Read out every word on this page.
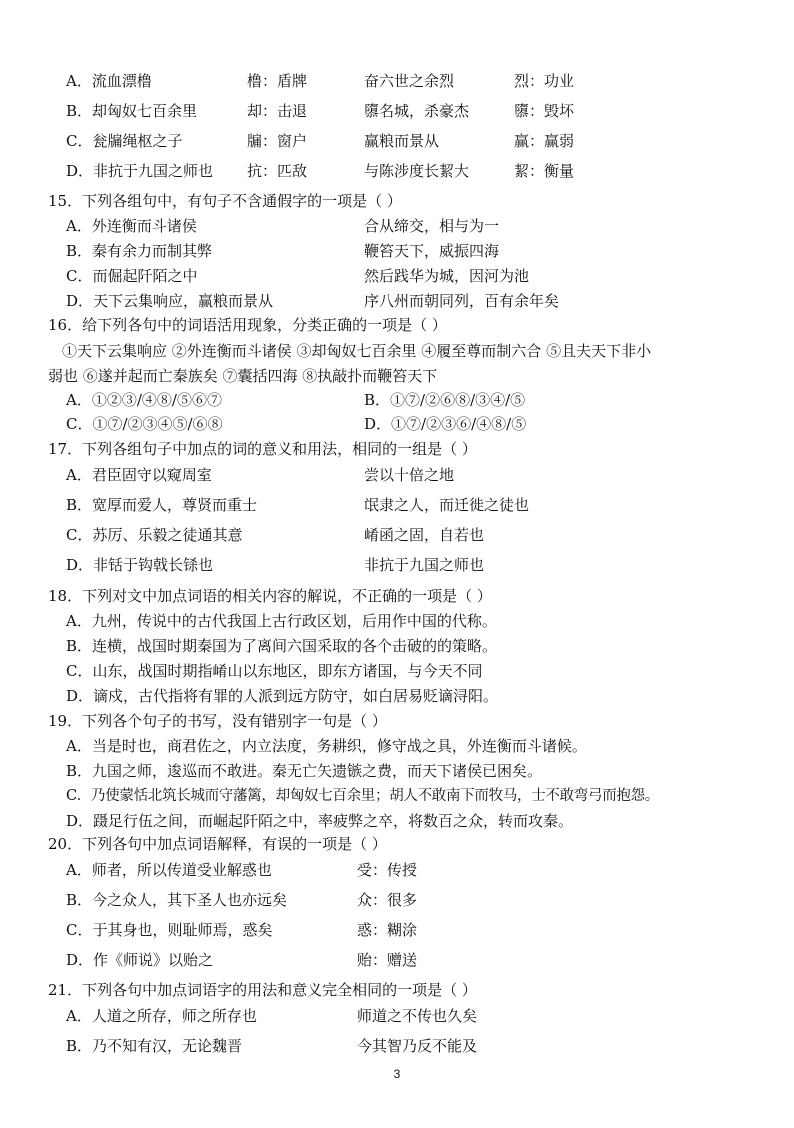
A．流血漂橹	橹：盾牌	奋六世之余烈	烈：功业
B．却匈奴七百余里	却：击退	隳名城，杀豪杰	隳：毁坏
C．瓮牖绳枢之子	牖：窗户	赢粮而景从	赢：赢弱
D．非抗于九国之师也 抗：匹敌	与陈涉度长絜大	絜：衡量
15．下列各组句中，有句子不含通假字的一项是（ ）
A．外连衡而斗诸侯	合从缔交，相与为一
B．秦有余力而制其弊	鞭笞天下，威振四海
C．而倔起阡陌之中	然后践华为城，因河为池
D．天下云集响应，赢粮而景从	序八州而朝同列，百有余年矣
16．给下列各句中的词语活用现象，分类正确的一项是（ ）
①天下云集响应 ②外连衡而斗诸侯 ③却匈奴七百余里 ④履至尊而制六合 ⑤且夫天下非小
弱也 ⑥遂并起而亡秦族矣 ⑦囊括四海 ⑧执敲扑而鞭笞天下
A．①②③/④⑧/⑤⑥⑦	B．①⑦/②⑥⑧/③④/⑤
C．①⑦/②③④⑤/⑥⑧	D．①⑦/②③⑥/④⑧/⑤
17．下列各组句子中加点的词的意义和用法，相同的一组是（ ）
A．君臣固守以窥周室	尝以十倍之地
B．宽厚而爱人，尊贤而重士	氓隶之人，而迁徙之徒也
C．苏厉、乐毅之徒通其意	崤函之固，自若也
D．非铦于钩戟长铩也	非抗于九国之师也
18．下列对文中加点词语的相关内容的解说，不正确的一项是（ ）
A．九州，传说中的古代我国上古行政区划，后用作中国的代称。
B．连横，战国时期秦国为了离间六国采取的各个击破的的策略。
C．山东，战国时期指崤山以东地区，即东方诸国，与今天不同
D．谪戍，古代指将有罪的人派到远方防守，如白居易贬谪浔阳。
19．下列各个句子的书写，没有错别字一句是（ ）
A．当是时也，商君佐之，内立法度，务耕织，修守战之具，外连衡而斗诸候。
B．九国之师，逡巡而不敢进。秦无亡矢遗镞之费，而天下诸侯已困矣。
C．乃使蒙恬北筑长城而守藩篱，却匈奴七百余里；胡人不敢南下而牧马，士不敢弯弓而抱怨。
D．蹑足行伍之间，而崛起阡陌之中，率疲弊之卒，将数百之众，转而攻秦。
20．下列各句中加点词语解释，有误的一项是（ ）
A．师者，所以传道受业解惑也	受：传授
B．今之众人，其下圣人也亦远矣	众：很多
C．于其身也，则耻师焉，惑矣	惑：糊涂
D．作《师说》以贻之	贻：赠送
21．下列各句中加点词语字的用法和意义完全相同的一项是（ ）
A．人道之所存，师之所存也	师道之不传也久矣
B．乃不知有汉，无论魏晋	今其智乃反不能及
3
